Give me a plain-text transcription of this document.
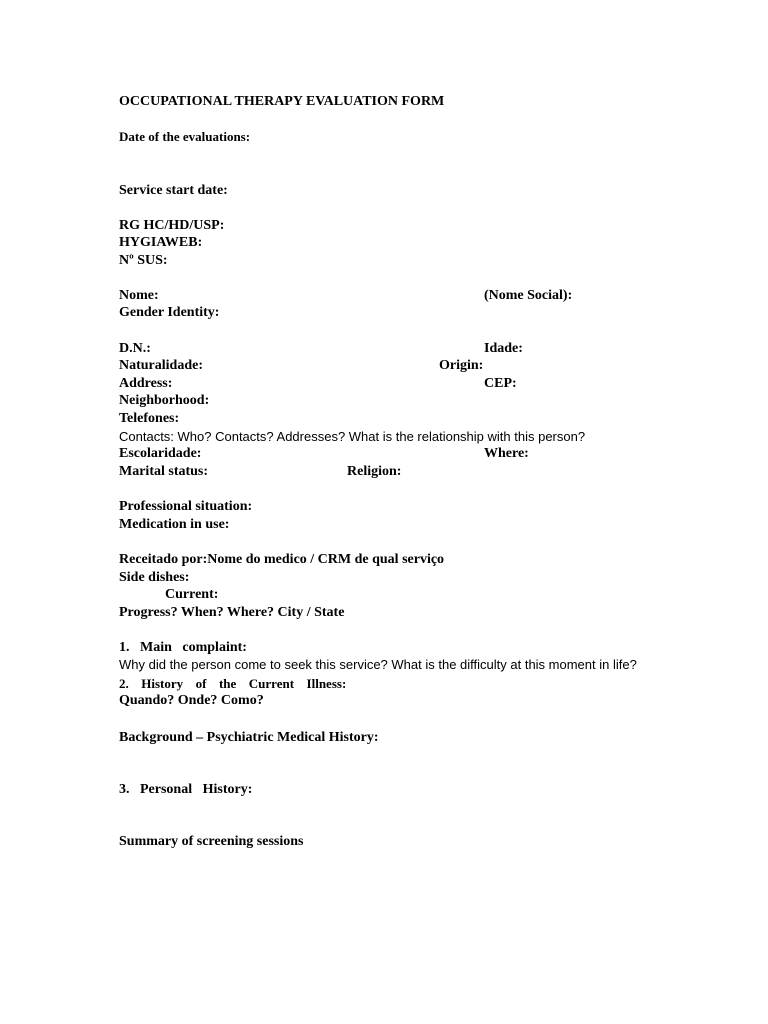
OCCUPATIONAL THERAPY EVALUATION FORM
Date of the evaluations:
Service start date:
RG HC/HD/USP:
HYGIAWEB:
Nº SUS:
Nome:	(Nome Social):
Gender Identity:
D.N.:	Idade:
Naturalidade:	Origin:
Address:	CEP:
Neighborhood:
Telefones:
Contacts: Who? Contacts? Addresses? What is the relationship with this person?
Escolaridade:	Where:
Marital status:	Religion:
Professional situation:
Medication in use:
Receitado por:Nome do medico / CRM de qual serviço
Side dishes:
Current:
Progress? When? Where? City / State
1.   Main   complaint:
Why did the person come to seek this service? What is the difficulty at this moment in life?
2.  History  of  the  Current  Illness:
Quando? Onde? Como?
Background – Psychiatric Medical History:
3.   Personal   History:
Summary of screening sessions
